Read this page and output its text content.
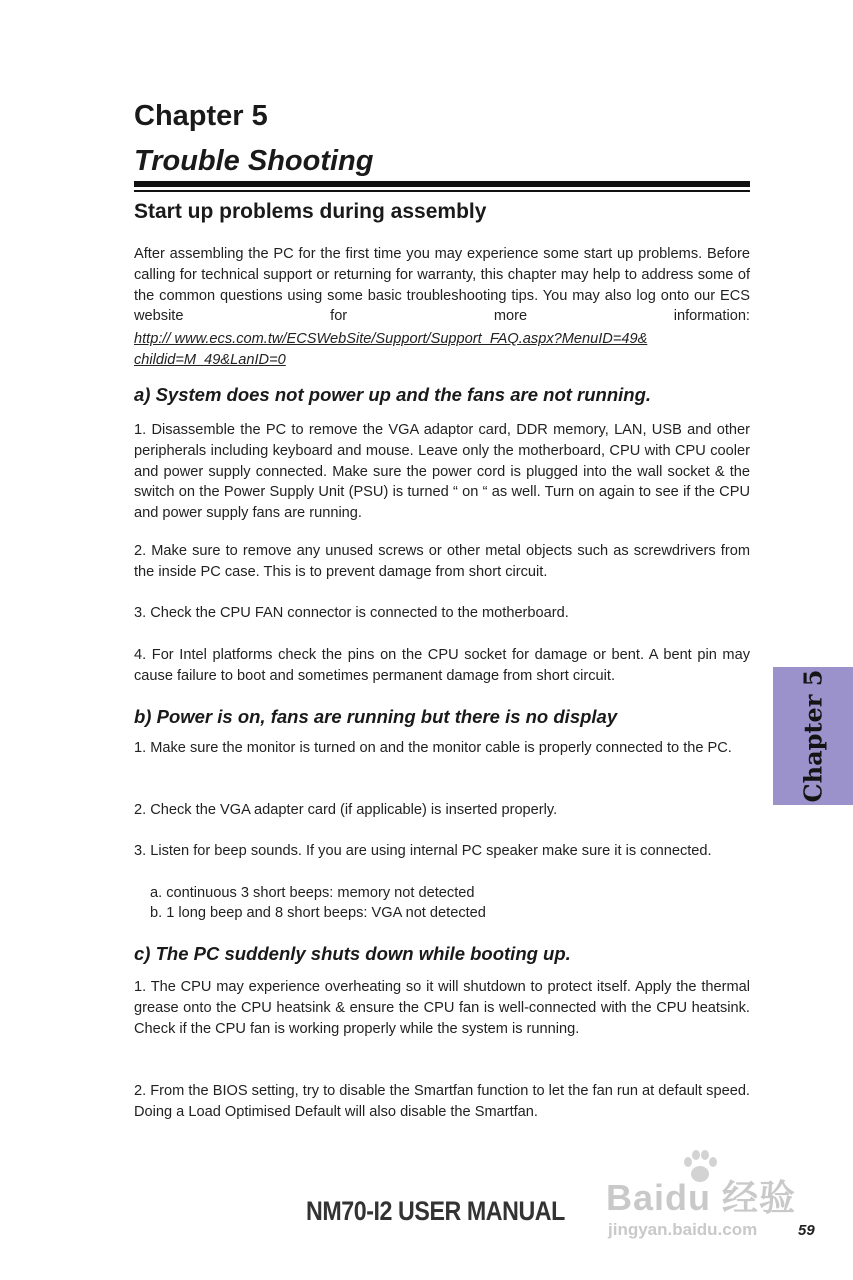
Chapter 5
Trouble Shooting
Start up problems during assembly
After assembling the PC for the first time you may experience some start up problems. Before calling for technical support or returning for warranty, this chapter may help to address some of the common questions using some basic troubleshooting tips. You may also log onto our ECS website for more information:
http:// www.ecs.com.tw/ECSWebSite/Support/Support_FAQ.aspx?MenuID=49&
childid=M_49&LanID=0
a) System does not power up and the fans are not running.
1. Disassemble the PC to remove the VGA adaptor card, DDR memory, LAN, USB and other peripherals including keyboard and mouse. Leave only the motherboard, CPU with CPU cooler and power supply connected. Make sure the power cord is plugged into the wall socket & the switch on the Power Supply Unit (PSU) is turned “ on “ as well. Turn on again to see if the CPU and power supply fans are running.
2. Make sure to remove any unused screws or other metal objects such as screwdrivers from the inside PC case. This is to prevent damage from short circuit.
3. Check the CPU FAN connector is connected to the motherboard.
4. For Intel platforms check the pins on the CPU socket for damage or bent. A bent pin may cause failure to boot and sometimes permanent damage from short circuit.
b) Power is on, fans are running but there is no display
1. Make sure the monitor is turned on and the monitor cable is properly connected to the PC.
2. Check the VGA adapter card (if applicable) is inserted properly.
3. Listen for beep sounds. If you are using internal PC speaker make sure it is connected.
a. continuous 3 short beeps: memory not detected
b. 1 long beep and 8 short beeps: VGA not detected
c) The PC suddenly shuts down while booting up.
1. The CPU may experience overheating so it will shutdown to protect itself. Apply the thermal grease onto the CPU heatsink & ensure the CPU fan is well-connected with the CPU heatsink. Check if the CPU fan is working properly while the system is running.
2. From the BIOS setting, try to disable the Smartfan function to let the fan run at default speed. Doing a Load Optimised Default will also disable the Smartfan.
Chapter 5
Baidu 经验
jingyan.baidu.com
NM70-I2 USER MANUAL
59
